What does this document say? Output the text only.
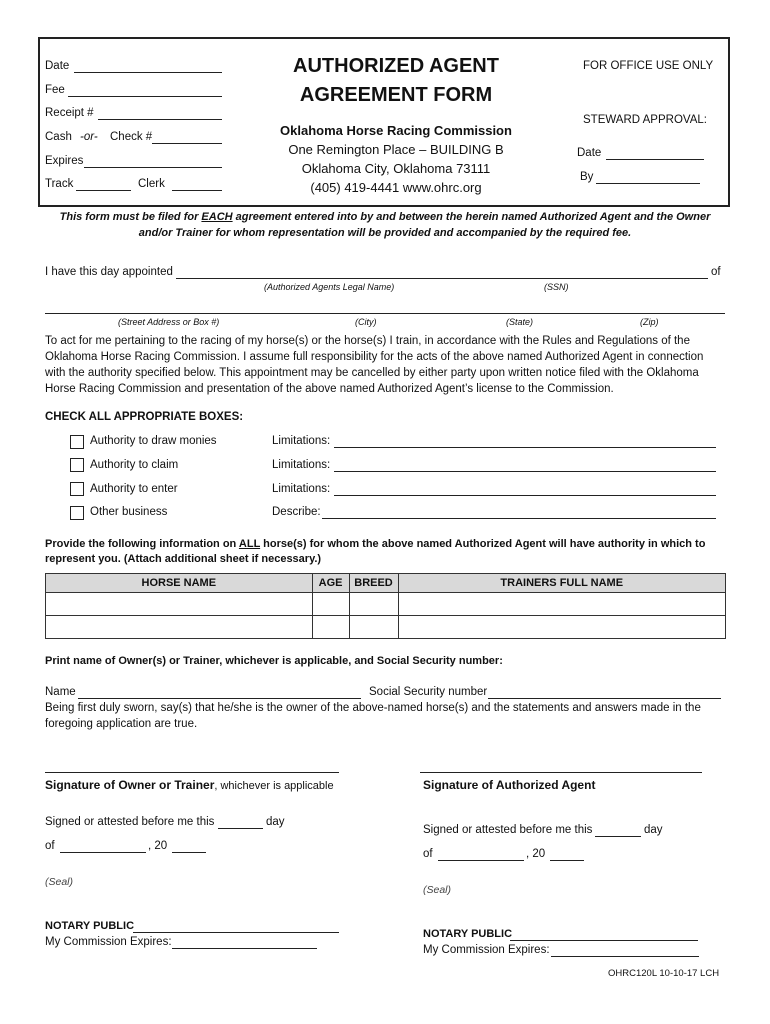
Date
Fee
Receipt #
Cash -or- Check #
Expires
Track	Clerk
AUTHORIZED AGENT
AGREEMENT FORM
Oklahoma Horse Racing Commission
One Remington Place – BUILDING B
Oklahoma City, Oklahoma 73111
(405) 419-4441 www.ohrc.org
FOR OFFICE USE ONLY
STEWARD APPROVAL:
Date
By
This form must be filed for EACH agreement entered into by and between the herein named Authorized Agent and the Owner
and/or Trainer for whom representation will be provided and accompanied by the required fee.
I have this day appointed	of
(Authorized Agents Legal Name)	(SSN)
(Street Address or Box #)	(City)	(State)	(Zip)
To act for me pertaining to the racing of my horse(s) or the horse(s) I train, in accordance with the Rules and Regulations of the
Oklahoma Horse Racing Commission. I assume full responsibility for the acts of the above named Authorized Agent in connection
with the authority specified below. This appointment may be cancelled by either party upon written notice filed with the Oklahoma
Horse Racing Commission and presentation of the above named Authorized Agent’s license to the Commission.
CHECK ALL APPROPRIATE BOXES:
Authority to draw monies	Limitations:
Authority to claim	Limitations:
Authority to enter	Limitations:
Other business	Describe:
Provide the following information on ALL horse(s) for whom the above named Authorized Agent will have authority in which to
represent you. (Attach additional sheet if necessary.)
HORSE NAME	AGE	BREED	TRAINERS FULL NAME

Print name of Owner(s) or Trainer, whichever is applicable, and Social Security number:
Name	Social Security number
Being first duly sworn, say(s) that he/she is the owner of the above-named horse(s) and the statements and answers made in the
foregoing application are true.
Signature of Owner or Trainer, whichever is applicable
Signed or attested before me this	day
of	, 20
(Seal)
NOTARY PUBLIC
My Commission Expires:
Signature of Authorized Agent
Signed or attested before me this	day
of	, 20
(Seal)
NOTARY PUBLIC
My Commission Expires:
OHRC120L 10-10-17 LCH
